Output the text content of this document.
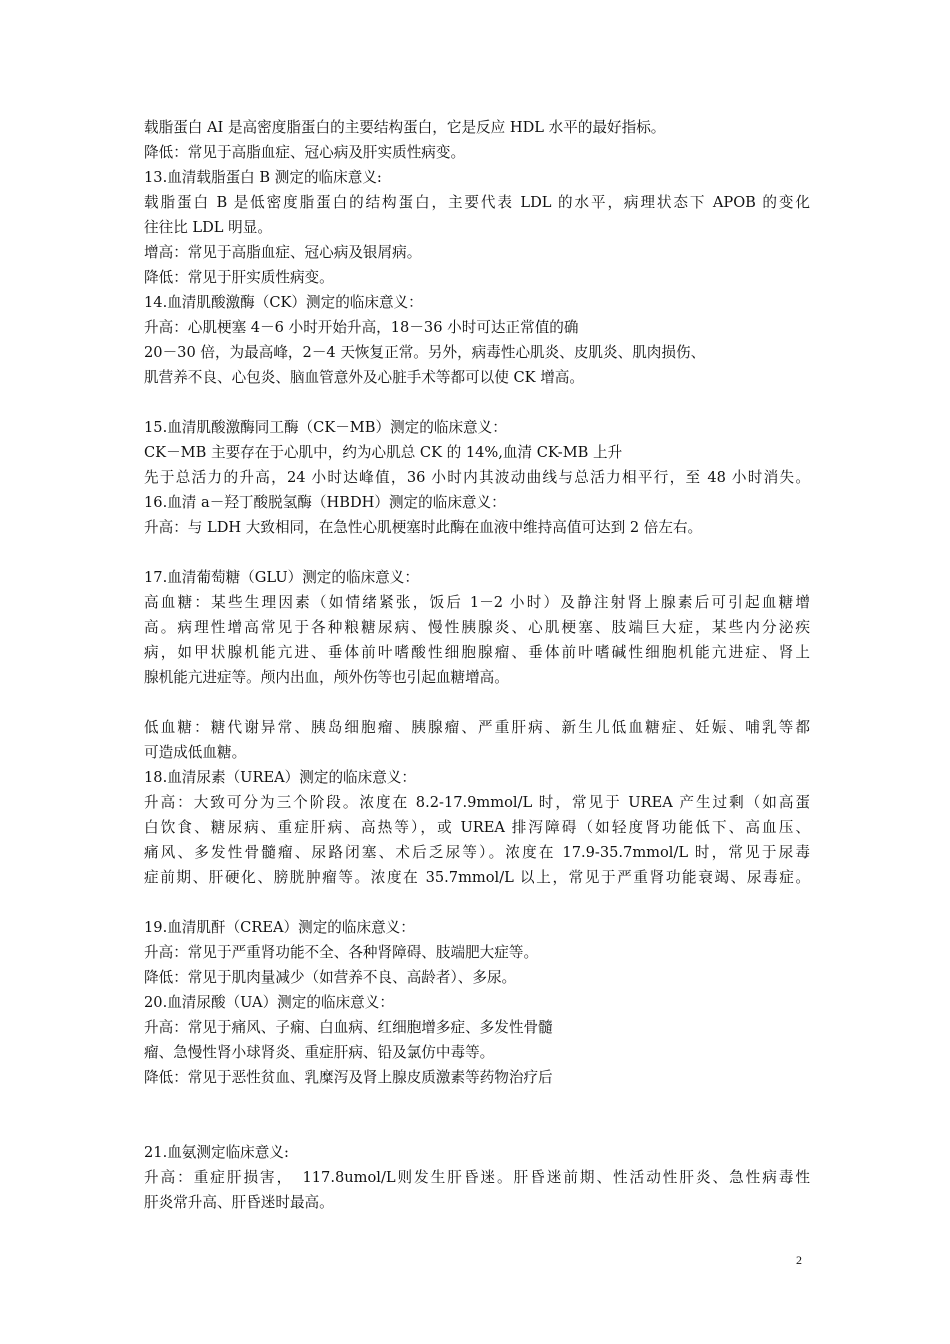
载脂蛋白 AI 是高密度脂蛋白的主要结构蛋白，它是反应 HDL 水平的最好指标。
降低：常见于高脂血症、冠心病及肝实质性病变。
13.血清载脂蛋白 B 测定的临床意义:
载脂蛋白 B 是低密度脂蛋白的结构蛋白，主要代表 LDL 的水平，病理状态下 APOB 的变化
往往比 LDL 明显。
增高：常见于高脂血症、冠心病及银屑病。
降低：常见于肝实质性病变。
14.血清肌酸激酶（CK）测定的临床意义：
升高：心肌梗塞 4－6 小时开始升高，18－36 小时可达正常值的确
20－30 倍，为最高峰，2－4 天恢复正常。另外，病毒性心肌炎、皮肌炎、肌肉损伤、
肌营养不良、心包炎、脑血管意外及心脏手术等都可以使 CK 增高。
15.血清肌酸激酶同工酶（CK－MB）测定的临床意义：
CK－MB 主要存在于心肌中，约为心肌总 CK 的 14%,血清 CK-MB 上升
先于总活力的升高，24 小时达峰值，36 小时内其波动曲线与总活力相平行，至 48 小时消失。
16.血清 a－羟丁酸脱氢酶（HBDH）测定的临床意义：
升高：与 LDH 大致相同，在急性心肌梗塞时此酶在血液中维持高值可达到 2 倍左右。
17.血清葡萄糖（GLU）测定的临床意义：
高血糖：某些生理因素（如情绪紧张，饭后 1－2 小时）及静注射肾上腺素后可引起血糖增
高。病理性增高常见于各种粮糖尿病、慢性胰腺炎、心肌梗塞、肢端巨大症，某些内分泌疾
病，如甲状腺机能亢进、垂体前叶嗜酸性细胞腺瘤、垂体前叶嗜碱性细胞机能亢进症、肾上
腺机能亢进症等。颅内出血，颅外伤等也引起血糖增高。
低血糖：糖代谢异常、胰岛细胞瘤、胰腺瘤、严重肝病、新生儿低血糖症、妊娠、哺乳等都
可造成低血糖。
18.血清尿素（UREA）测定的临床意义：
升高：大致可分为三个阶段。浓度在 8.2-17.9mmol/L 时，常见于 UREA 产生过剩（如高蛋
白饮食、糖尿病、重症肝病、高热等），或 UREA 排泻障碍（如轻度肾功能低下、高血压、
痛风、多发性骨髓瘤、尿路闭塞、术后乏尿等）。浓度在 17.9-35.7mmol/L 时，常见于尿毒
症前期、肝硬化、膀胱肿瘤等。浓度在 35.7mmol/L 以上，常见于严重肾功能衰竭、尿毒症。
19.血清肌酐（CREA）测定的临床意义：
升高：常见于严重肾功能不全、各种肾障碍、肢端肥大症等。
降低：常见于肌肉量减少（如营养不良、高龄者）、多尿。
20.血清尿酸（UA）测定的临床意义：
升高：常见于痛风、子痫、白血病、红细胞增多症、多发性骨髓
瘤、急慢性肾小球肾炎、重症肝病、铅及氯仿中毒等。
降低：常见于恶性贫血、乳糜泻及肾上腺皮质激素等药物治疗后
21.血氨测定临床意义:
升高：重症肝损害，　117.8umol/L则发生肝昏迷。肝昏迷前期、性活动性肝炎、急性病毒性
肝炎常升高、肝昏迷时最高。
2
